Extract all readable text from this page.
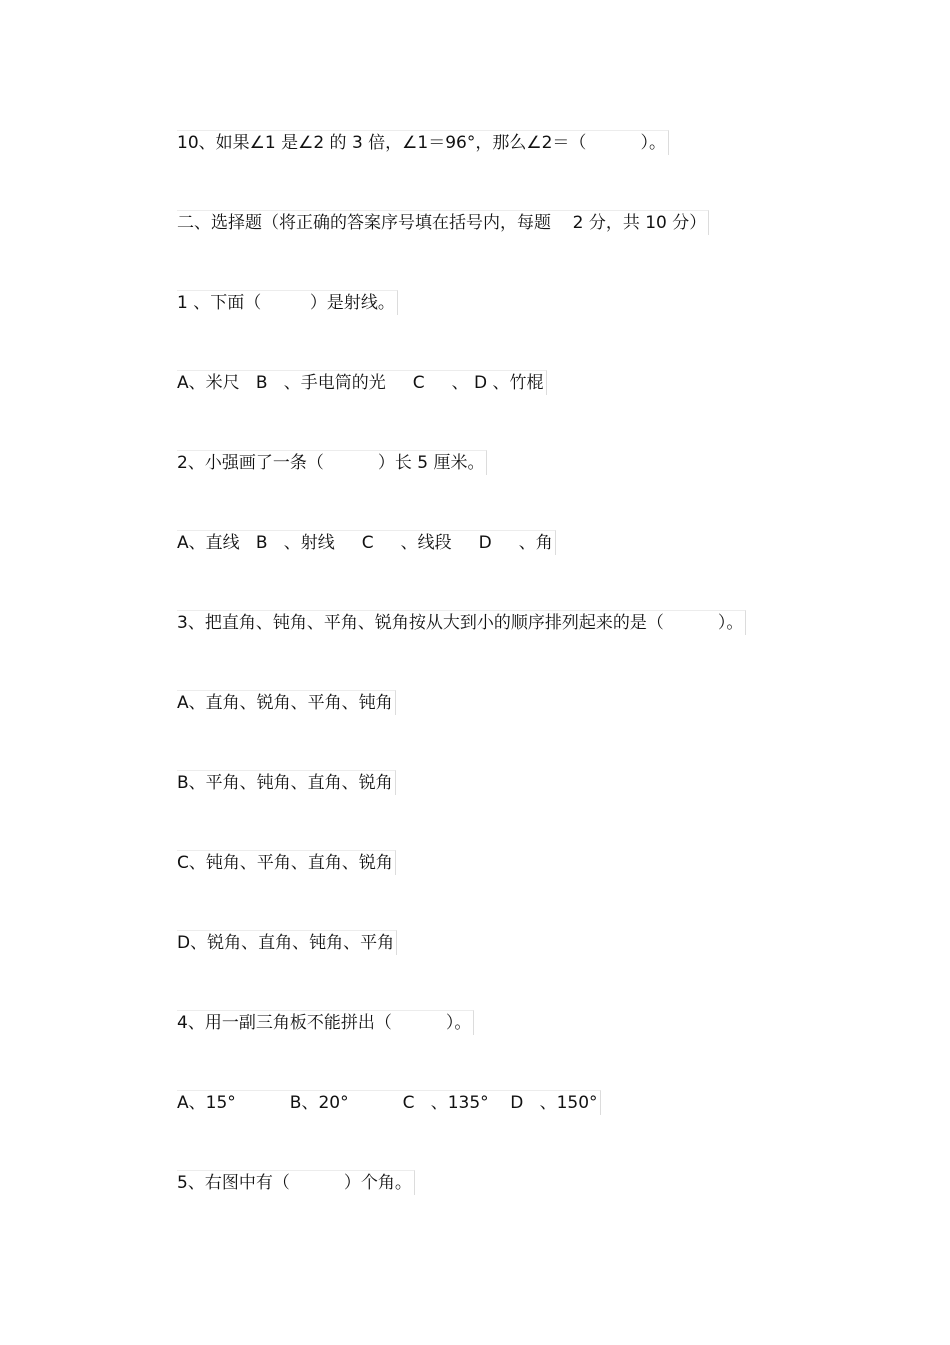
10、如果∠1 是∠2 的 3 倍，∠1＝96°，那么∠2＝（          ）。
二、选择题（将正确的答案序号填在括号内，每题    2 分，共 10 分）
1 、下面（         ）是射线。
A、米尺   B   、手电筒的光     C     、 D 、竹棍
2、小强画了一条（          ）长 5 厘米。
A、直线   B   、射线     C     、线段     D     、角
3、把直角、钝角、平角、锐角按从大到小的顺序排列起来的是（          ）。
A、直角、锐角、平角、钝角
B、平角、钝角、直角、锐角
C、钝角、平角、直角、锐角
D、锐角、直角、钝角、平角
4、用一副三角板不能拼出（          ）。
A、15°          B、20°          C   、135°    D   、150°
5、右图中有（          ）个角。
